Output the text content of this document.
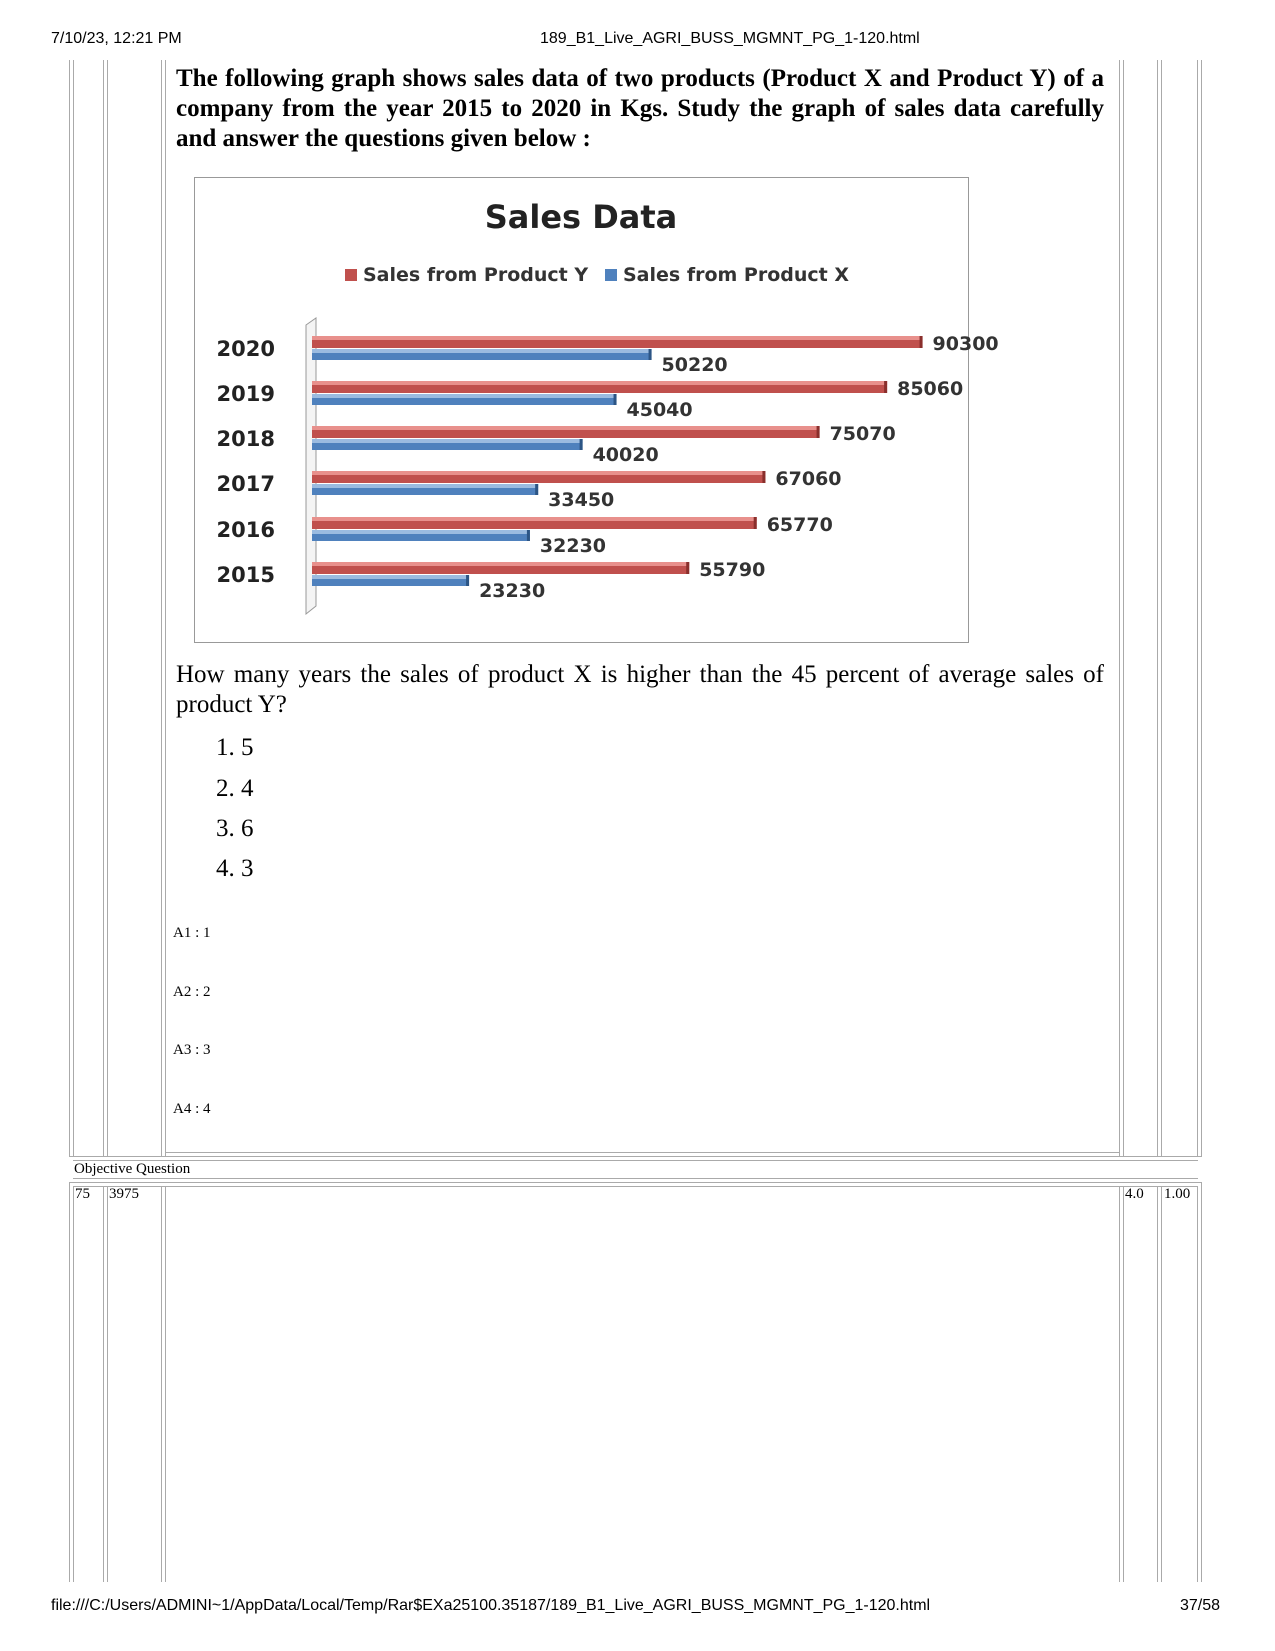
7/10/23, 12:21 PM	189_B1_Live_AGRI_BUSS_MGMNT_PG_1-120.html
The following graph shows sales data of two products (Product X and Product Y) of a company from the year 2015 to 2020 in Kgs. Study the graph of sales data carefully and answer the questions given below :
Sales Data
Sales from Product Y Sales from Product X
2015	55790
23230
2016	65770
32230
2017	67060
33450
2018	75070
40020
2019	85060
45040
2020	90300
50220
How many years the sales of product X is higher than the 45 percent of average sales of product Y?
1. 5
2. 4
3. 6
4. 3
A1 : 1
A2 : 2
A3 : 3
A4 : 4
Objective Question
75 3975	4.0 1.00
file:///C:/Users/ADMINI~1/AppData/Local/Temp/Rar$EXa25100.35187/189_B1_Live_AGRI_BUSS_MGMNT_PG_1-120.html	37/58
